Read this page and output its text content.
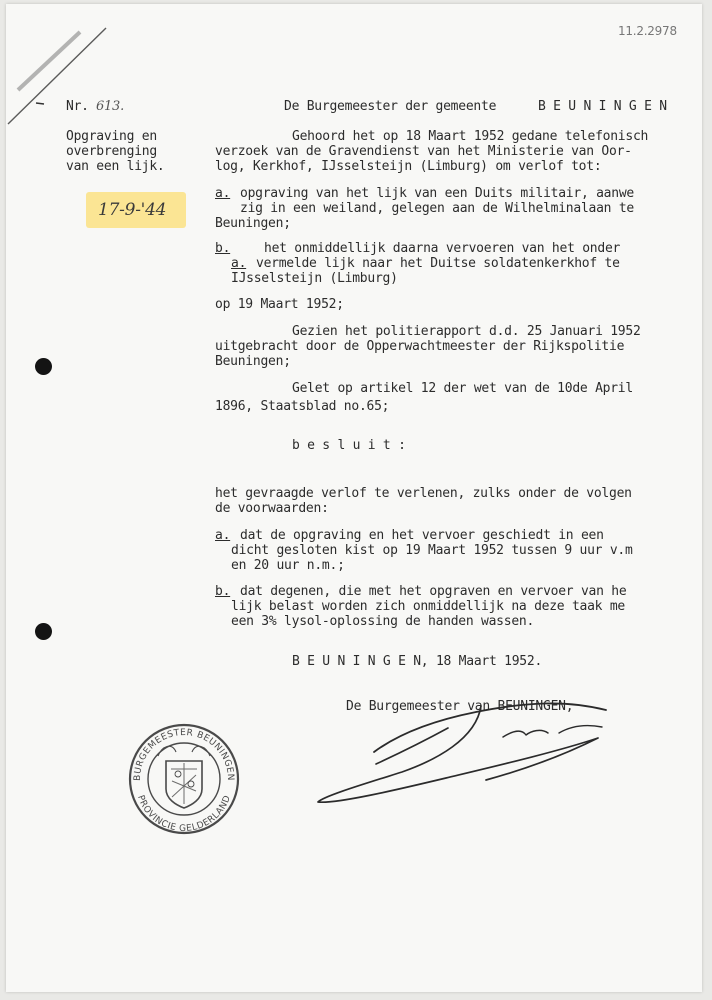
11.2.2978
Nr. 613.
Opgraving en
overbrenging
van een lijk.
17-9-'44
De Burgemeester der gemeente	B E U N I N G E N
Gehoord het op 18 Maart 1952 gedane telefonisch
verzoek van de Gravendienst van het Ministerie van Oor-
log, Kerkhof, IJsselsteijn (Limburg) om verlof tot:
a. opgraving van het lijk van een Duits militair, aanwe
zig in een weiland, gelegen aan de Wilhelminalaan te
Beuningen;
b.	het onmiddellijk daarna vervoeren van het onder
a. vermelde lijk naar het Duitse soldatenkerkhof te
IJsselsteijn (Limburg)
op 19 Maart 1952;
Gezien het politierapport d.d. 25 Januari 1952
uitgebracht door de Opperwachtmeester der Rijkspolitie
Beuningen;
Gelet op artikel 12 der wet van de 10de April
1896, Staatsblad no.65;
b e s l u i t :
het gevraagde verlof te verlenen, zulks onder de volgen
de voorwaarden:
a. dat de opgraving en het vervoer geschiedt in een
dicht gesloten kist op 19 Maart 1952 tussen 9 uur v.m
en 20 uur n.m.;
b. dat degenen, die met het opgraven en vervoer van he
lijk belast worden zich onmiddellijk na deze taak me
een 3% lysol-oplossing de handen wassen.
B E U N I N G E N, 18 Maart 1952.
De Burgemeester van BEUNINGEN,
BURGEMEESTER BEUNINGEN
PROVINCIE GELDERLAND
